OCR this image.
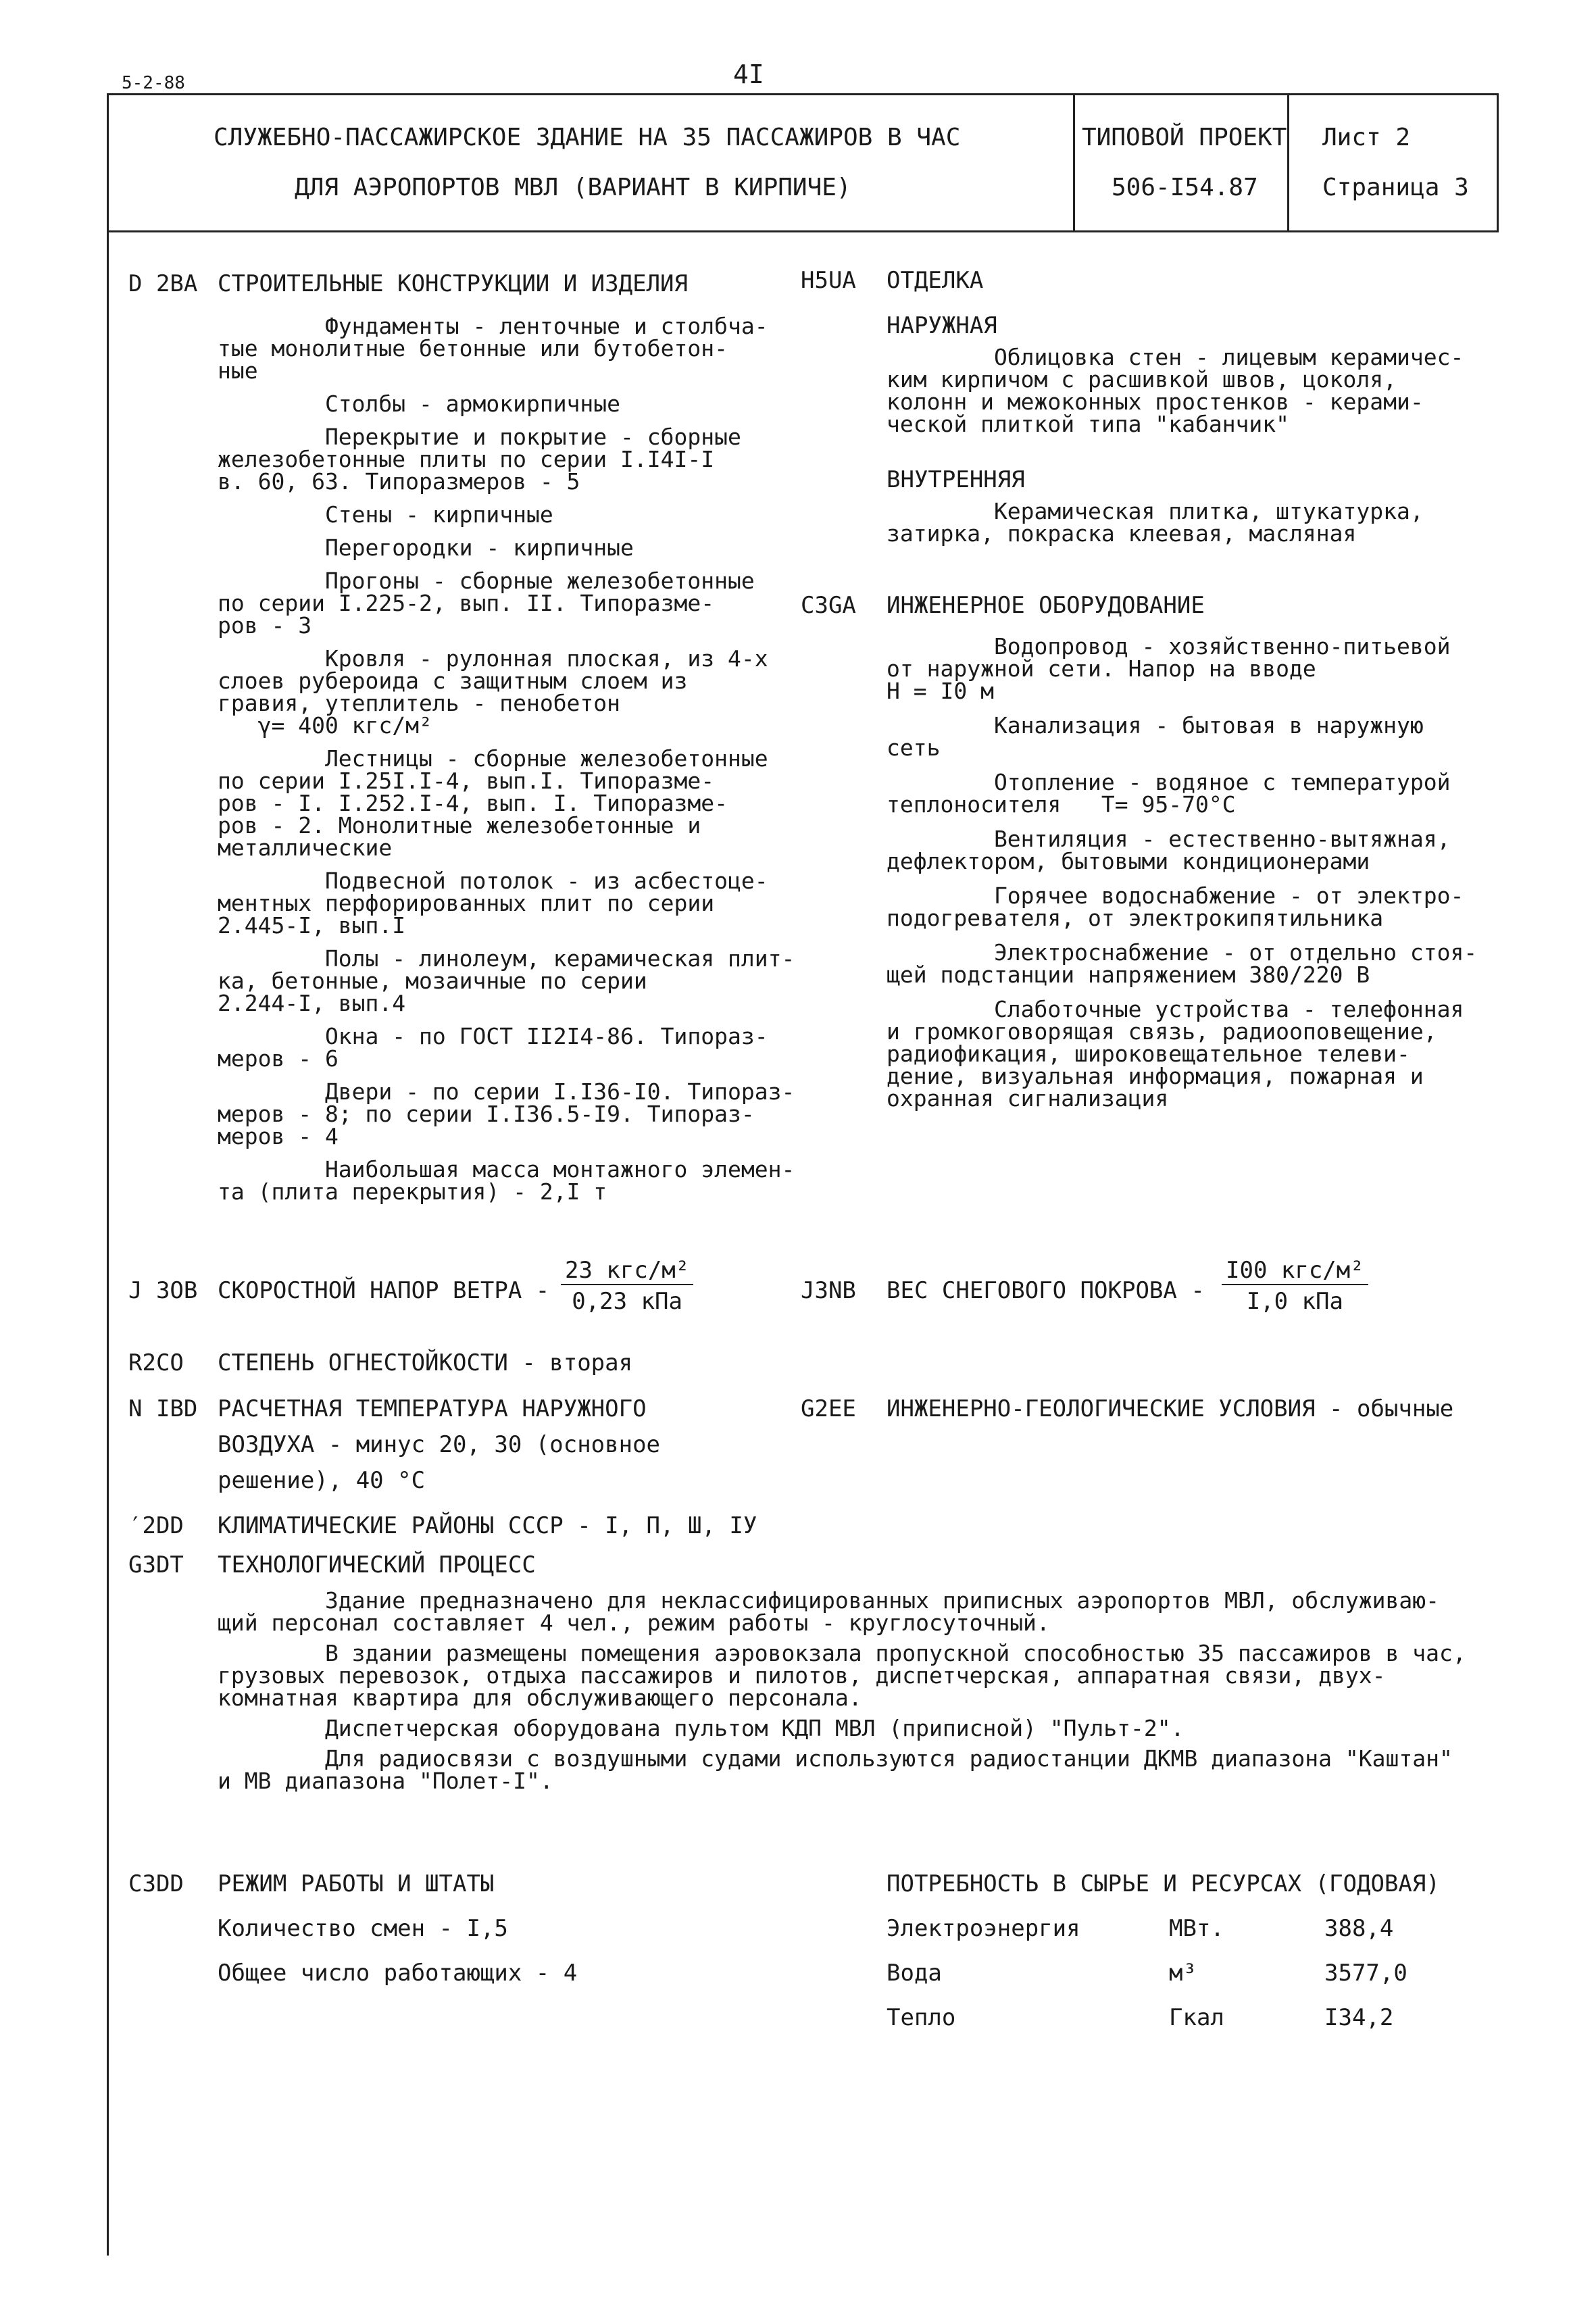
5-2-88	4I
СЛУЖЕБНО-ПАССАЖИРСКОЕ ЗДАНИЕ НА 35 ПАССАЖИРОВ В ЧАС
ДЛЯ АЭРОПОРТОВ МВЛ (ВАРИАНТ В КИРПИЧЕ)
ТИПОВОЙ ПРОЕКТ
506-I54.87
Лист 2
Страница 3
D 2BA СТРОИТЕЛЬНЫЕ КОНСТРУКЦИИ И ИЗДЕЛИЯ
Фундаменты - ленточные и столбча-
тые монолитные бетонные или бутобетон-
ные
Столбы - армокирпичные
Перекрытие и покрытие - сборные
железобетонные плиты по серии I.I4I-I
в. 60, 63. Типоразмеров - 5
Стены - кирпичные
Перегородки - кирпичные
Прогоны - сборные железобетонные
по серии I.225-2, вып. II. Типоразме-
ров - 3
Кровля - рулонная плоская, из 4-х
слоев рубероида с защитным слоем из
гравия, утеплитель - пенобетон
γ= 400 кгс/м²
Лестницы - сборные железобетонные
по серии I.25I.I-4, вып.I. Типоразме-
ров - I. I.252.I-4, вып. I. Типоразме-
ров - 2. Монолитные железобетонные и
металлические
Подвесной потолок - из асбестоце-
ментных перфорированных плит по серии
2.445-I, вып.I
Полы - линолеум, керамическая плит-
ка, бетонные, мозаичные по серии
2.244-I, вып.4
Окна - по ГОСТ II2I4-86. Типораз-
меров - 6
Двери - по серии I.I36-I0. Типораз-
меров - 8; по серии I.I36.5-I9. Типораз-
меров - 4
Наибольшая масса монтажного элемен-
та (плита перекрытия) - 2,I т
H5UA ОТДЕЛКА
НАРУЖНАЯ
Облицовка стен - лицевым керамичес-
ким кирпичом с расшивкой швов, цоколя,
колонн и межоконных простенков - керами-
ческой плиткой типа "кабанчик"
ВНУТРЕННЯЯ
Керамическая плитка, штукатурка,
затирка, покраска клеевая, масляная
C3GA ИНЖЕНЕРНОЕ ОБОРУДОВАНИЕ
Водопровод - хозяйственно-питьевой
от наружной сети. Напор на вводе
H = I0 м
Канализация - бытовая в наружную
сеть
Отопление - водяное с температурой
теплоносителя   T= 95-70°C
Вентиляция - естественно-вытяжная,
дефлектором, бытовыми кондиционерами
Горячее водоснабжение - от электро-
подогревателя, от электрокипятильника
Электроснабжение - от отдельно стоя-
щей подстанции напряжением 380/220 В
Слаботочные устройства - телефонная
и громкоговорящая связь, радиооповещение,
радиофикация, широковещательное телеви-
дение, визуальная информация, пожарная и
охранная сигнализация
J 3OB СКОРОСТНОЙ НАПОР ВЕТРА -
23 кгс/м²
0,23 кПа	J3NB ВЕС СНЕГОВОГО ПОКРОВА -
I00 кгс/м²
I,0 кПа
R2CO СТЕПЕНЬ ОГНЕСТОЙКОСТИ - вторая
N IBD РАСЧЕТНАЯ ТЕМПЕРАТУРА НАРУЖНОГО
ВОЗДУХА - минус 20, 30 (основное
решение), 40 °C
G2EE ИНЖЕНЕРНО-ГЕОЛОГИЧЕСКИЕ УСЛОВИЯ - обычные
′2DD КЛИМАТИЧЕСКИЕ РАЙОНЫ СССР - I, П, Ш, IУ
G3DT ТЕХНОЛОГИЧЕСКИЙ ПРОЦЕСС
Здание предназначено для неклассифицированных приписных аэропортов МВЛ, обслуживаю-
щий персонал составляет 4 чел., режим работы - круглосуточный.
В здании размещены помещения аэровокзала пропускной способностью 35 пассажиров в час,
грузовых перевозок, отдыха пассажиров и пилотов, диспетчерская, аппаратная связи, двух-
комнатная квартира для обслуживающего персонала.
Диспетчерская оборудована пультом КДП МВЛ (приписной) "Пульт-2".
Для радиосвязи с воздушными судами используются радиостанции ДКМВ диапазона "Каштан"
и МВ диапазона "Полет-I".
C3DD РЕЖИМ РАБОТЫ И ШТАТЫ
Количество смен - I,5
Общее число работающих - 4
ПОТРЕБНОСТЬ В СЫРЬЕ И РЕСУРСАХ (ГОДОВАЯ)
Электроэнергия	МВт.	388,4
Вода	м³	3577,0
Тепло	Гкал	I34,2
